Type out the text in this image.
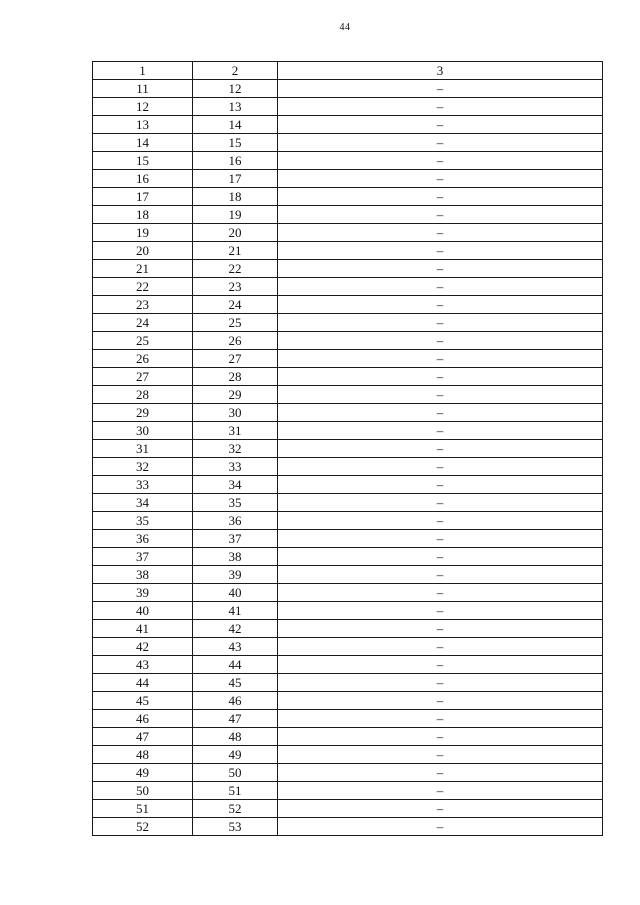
44
1	2	3
11	12	–
12	13	–
13	14	–
14	15	–
15	16	–
16	17	–
17	18	–
18	19	–
19	20	–
20	21	–
21	22	–
22	23	–
23	24	–
24	25	–
25	26	–
26	27	–
27	28	–
28	29	–
29	30	–
30	31	–
31	32	–
32	33	–
33	34	–
34	35	–
35	36	–
36	37	–
37	38	–
38	39	–
39	40	–
40	41	–
41	42	–
42	43	–
43	44	–
44	45	–
45	46	–
46	47	–
47	48	–
48	49	–
49	50	–
50	51	–
51	52	–
52	53	–
